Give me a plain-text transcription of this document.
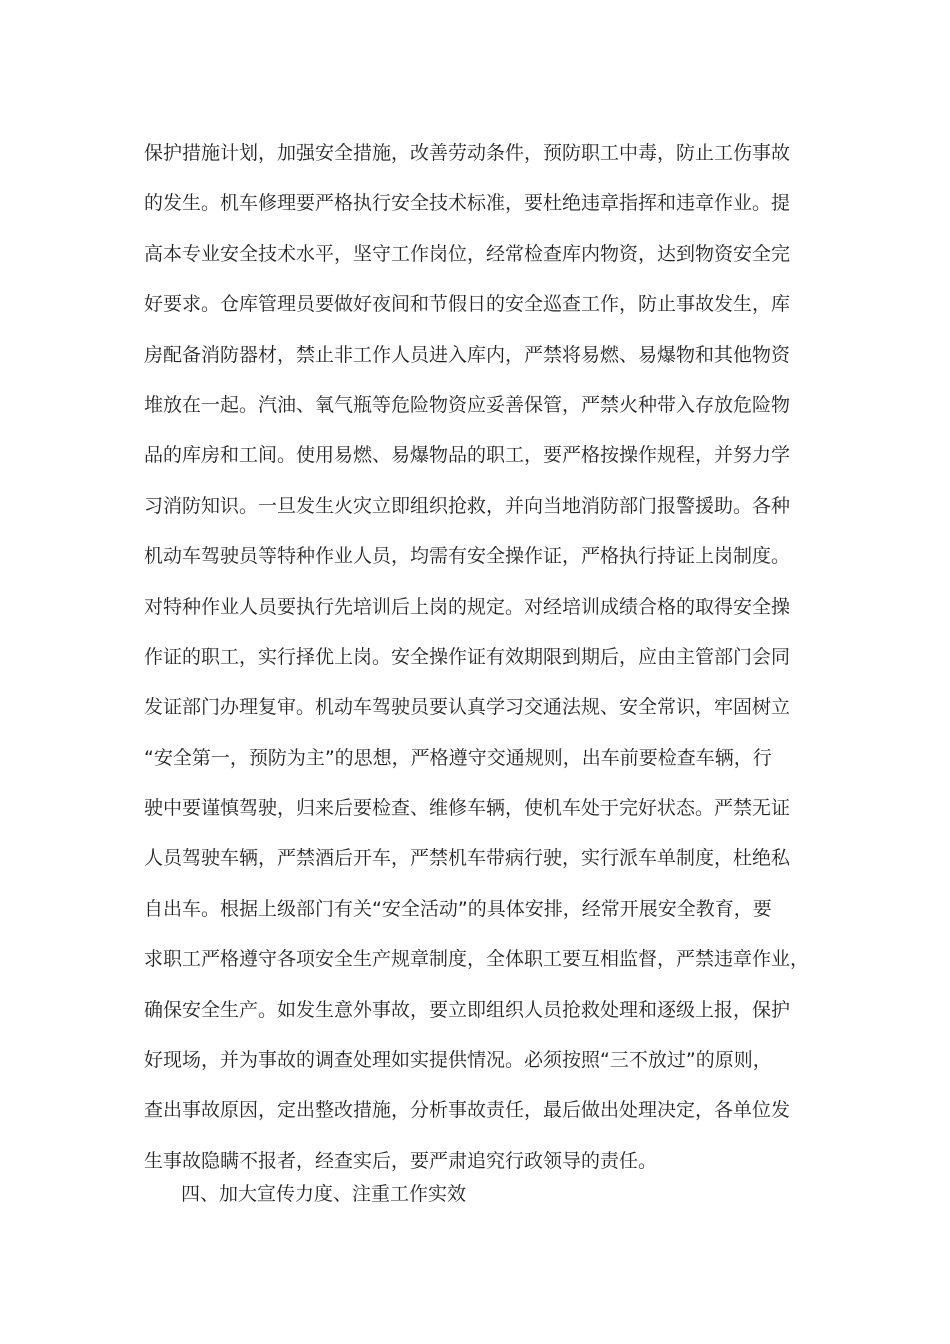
保护措施计划，加强安全措施，改善劳动条件，预防职工中毒，防止工伤事故
的发生。机车修理要严格执行安全技术标准，要杜绝违章指挥和违章作业。提
高本专业安全技术水平，坚守工作岗位，经常检查库内物资，达到物资安全完
好要求。仓库管理员要做好夜间和节假日的安全巡查工作，防止事故发生，库
房配备消防器材，禁止非工作人员进入库内，严禁将易燃、易爆物和其他物资
堆放在一起。汽油、氧气瓶等危险物资应妥善保管，严禁火种带入存放危险物
品的库房和工间。使用易燃、易爆物品的职工，要严格按操作规程，并努力学
习消防知识。一旦发生火灾立即组织抢救，并向当地消防部门报警援助。各种
机动车驾驶员等特种作业人员，均需有安全操作证，严格执行持证上岗制度。
对特种作业人员要执行先培训后上岗的规定。对经培训成绩合格的取得安全操
作证的职工，实行择优上岗。安全操作证有效期限到期后，应由主管部门会同
发证部门办理复审。机动车驾驶员要认真学习交通法规、安全常识，牢固树立
“安全第一，预防为主”的思想，严格遵守交通规则，出车前要检查车辆，行
驶中要谨慎驾驶，归来后要检查、维修车辆，使机车处于完好状态。严禁无证
人员驾驶车辆，严禁酒后开车，严禁机车带病行驶，实行派车单制度，杜绝私
自出车。根据上级部门有关“安全活动”的具体安排，经常开展安全教育，要
求职工严格遵守各项安全生产规章制度，全体职工要互相监督，严禁违章作业，
确保安全生产。如发生意外事故，要立即组织人员抢救处理和逐级上报，保护
好现场，并为事故的调查处理如实提供情况。必须按照“三不放过”的原则，
查出事故原因，定出整改措施，分析事故责任，最后做出处理决定，各单位发
生事故隐瞒不报者，经查实后，要严肃追究行政领导的责任。
四、加大宣传力度、注重工作实效
